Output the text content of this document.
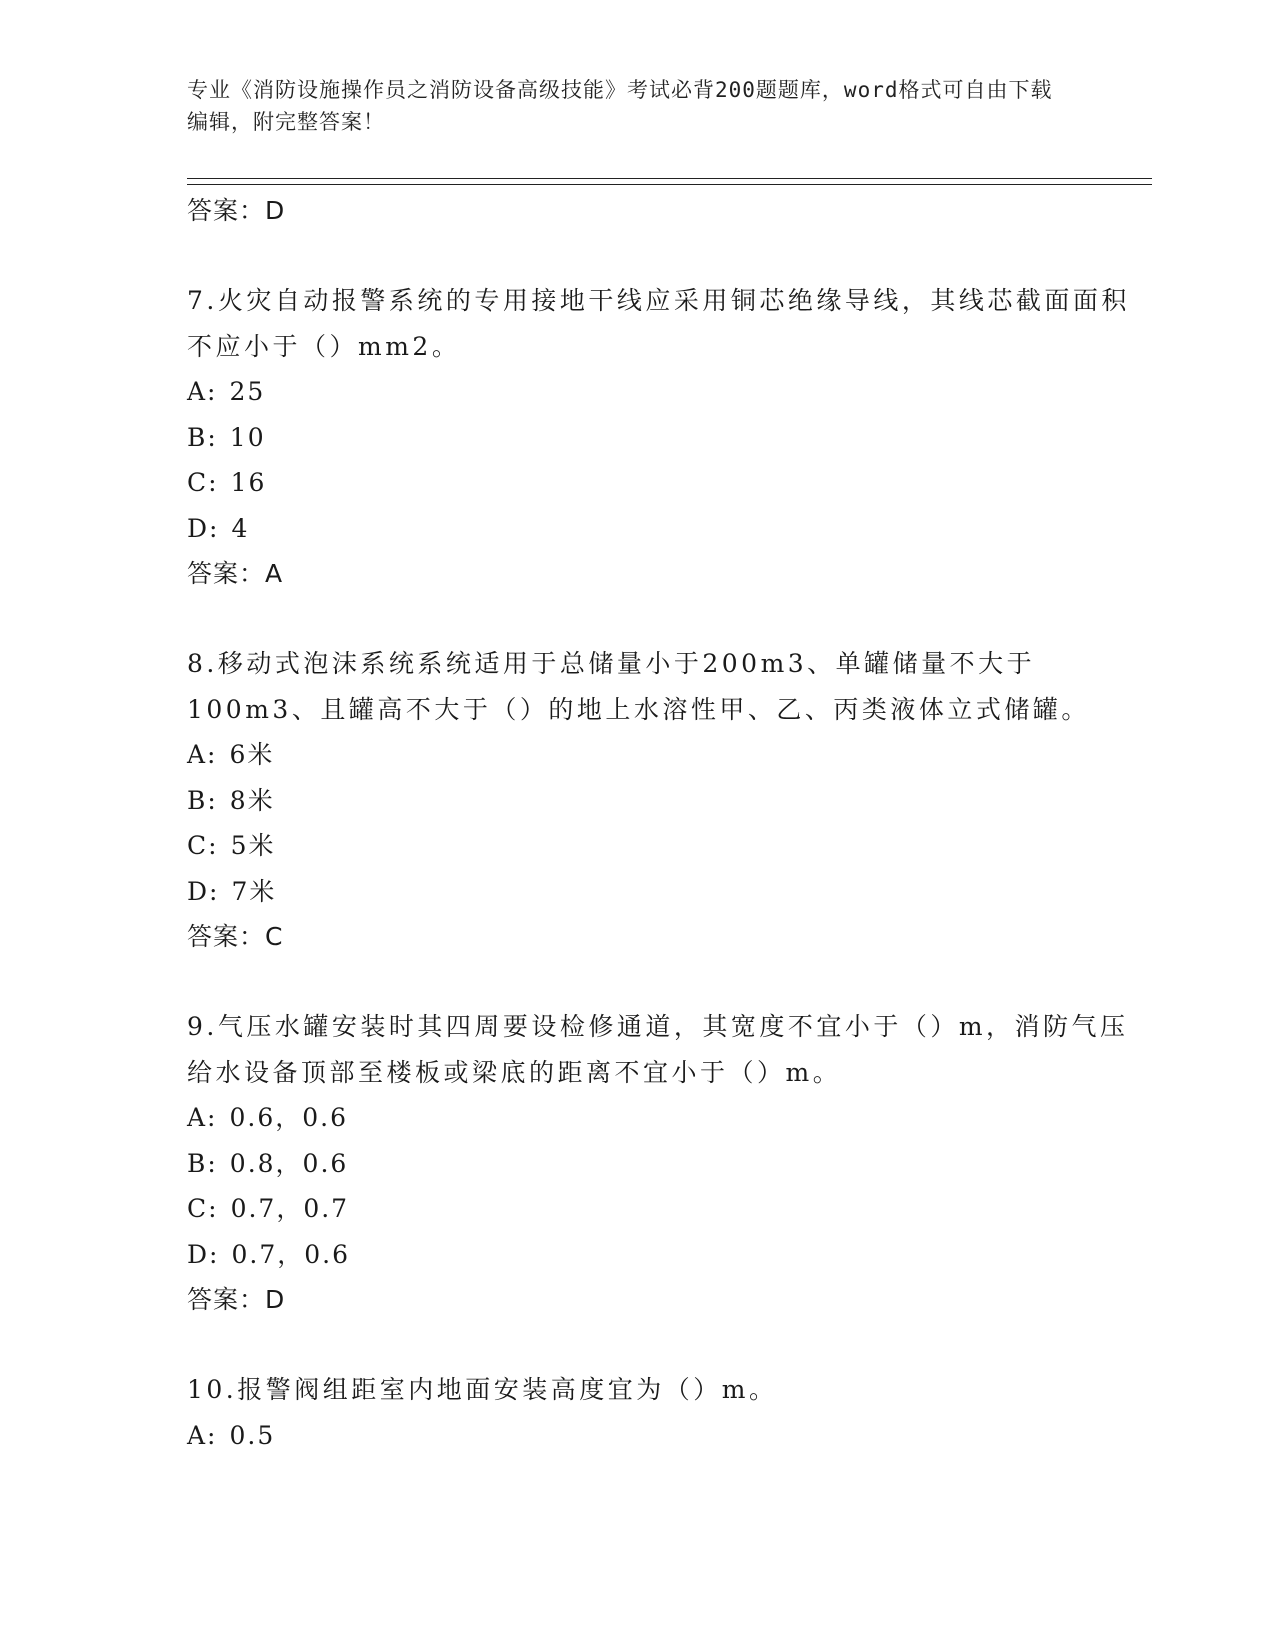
专业《消防设施操作员之消防设备高级技能》考试必背200题题库，word格式可自由下载编辑，附完整答案！
答案：D
7.火灾自动报警系统的专用接地干线应采用铜芯绝缘导线，其线芯截面面积不应小于（）mm2。
A: 25
B: 10
C: 16
D: 4
答案：A
8.移动式泡沫系统系统适用于总储量小于200m3、单罐储量不大于100m3、且罐高不大于（）的地上水溶性甲、乙、丙类液体立式储罐。
A: 6米
B: 8米
C: 5米
D: 7米
答案：C
9.气压水罐安装时其四周要设检修通道，其宽度不宜小于（）m，消防气压给水设备顶部至楼板或梁底的距离不宜小于（）m。
A: 0.6，0.6
B: 0.8，0.6
C: 0.7，0.7
D: 0.7，0.6
答案：D
10.报警阀组距室内地面安装高度宜为（）m。
A: 0.5
